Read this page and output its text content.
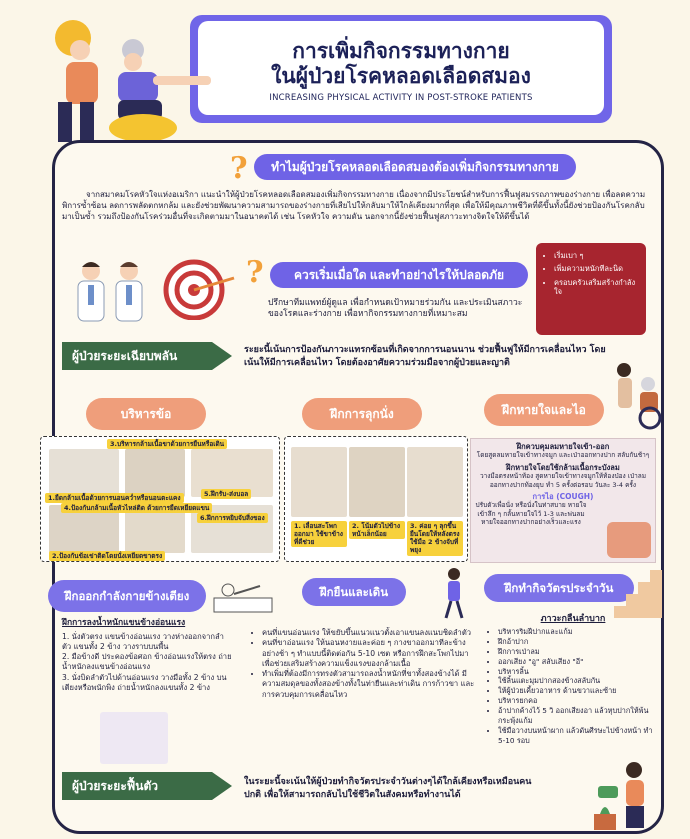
การเพิ่มกิจกรรมทางกาย
ในผู้ป่วยโรคหลอดเลือดสมอง
INCREASING PHYSICAL ACTIVITY IN POST-STROKE PATIENTS
?	ทำไมผู้ป่วยโรคหลอดเลือดสมองต้องเพิ่มกิจกรรมทางกาย
จากสมาคมโรคหัวใจแห่งอเมริกา แนะนำให้ผู้ป่วยโรคหลอดเลือดสมองเพิ่มกิจกรรมทางกาย เนื่องจากมีประโยชน์สำหรับการฟื้นฟูสมรรถภาพของร่างกาย เพื่อลดความพิการซ้ำซ้อน ลดการพลัดตกหกล้ม และยังช่วยพัฒนาความสามารถของร่างกายที่เสียไปให้กลับมาให้ใกล้เคียงมากที่สุด เพื่อให้มีคุณภาพชีวิตที่ดีขึ้นทั้งนี้ยังช่วยป้องกันโรคกลับมาเป็นซ้ำ รวมถึงป้องกันโรคร่วมอื่นที่จะเกิดตามมาในอนาคตได้ เช่น โรคหัวใจ ความดัน นอกจากนี้ยังช่วยฟื้นฟูสภาวะทางจิตใจให้ดีขึ้นได้
?	ควรเริ่มเมื่อใด และทำอย่างไรให้ปลอดภัย
ปรึกษาทีมแพทย์ผู้ดูแล เพื่อกำหนดเป้าหมายร่วมกัน และประเมินสภาวะของโรคและร่างกาย เพื่อหากิจกรรมทางกายที่เหมาะสม
• เริ่มเบา ๆ
• เพิ่มความหนักทีละนิด
• ครอบครัวเสริมสร้างกำลังใจ
ผู้ป่วยระยะเฉียบพลัน	ระยะนี้เน้นการป้องกันภาวะแทรกซ้อนที่เกิดจากการนอนนาน ช่วยฟื้นฟูให้มีการเคลื่อนไหว โดยเน้นให้มีการเคลื่อนไหว โดยต้องอาศัยความร่วมมือจากผู้ป่วยและญาติ
บริหารข้อ	ฝึกการลุกนั่ง	ฝึกหายใจและไอ
3.บริหารกล้ามเนื้อขาด้วยการยืนหรือเดิน
1.ยืดกล้ามเนื้อด้วยการนอนคว่ำหรือนอนตะแคง	5.ฝึกรับ-ส่งบอล
4.ป้องกันกล้ามเนื้อหัวไหล่ติด ด้วยการยืดเหยียดแขน
6.ฝึกการหยิบจับสิ่งของ
2.ป้องกันข้อเข่าติดโดยนั่งเหยียดขาตรง
1. เลื่อนสะโพกออกมา ใช้ขาข้างที่ดีช่วย
2. โน้มตัวไปข้างหน้าเล็กน้อย
3. ค่อย ๆ ลุกขึ้นยืนโดยให้หลังตรง ใช้มือ 2 ข้างจับที่พยุง
ฝึกควบคุมลมหายใจเข้า-ออก
โดยสูดลมหายใจเข้าทางจมูก และเป่าออกทางปาก สลับกันช้าๆ
ฝึกหายใจโดยใช้กล้ามเนื้อกระบังลม
วางมือตรงหน้าท้อง สูดหายใจเข้าทางจมูกให้ท้องป่อง เป่าลมออกทางปากท้องยุบ ทำ 5 ครั้งต่อรอบ วันละ 3-4 ครั้ง
การไอ (COUGH)
ปรับตัวเพื่อนั่ง หรือนั่งในท่าสบาย หายใจเข้าลึก ๆ กลั้นหายใจไว้ 1-3 และพ่นลมหายใจออกทางปากอย่างเร็วและแรง
ฝึกออกกำลังกายข้างเตียง	ฝึกยืนและเดิน	ฝึกทำกิจวัตรประจำวัน
ฝึกการลงน้ำหนักแขนข้างอ่อนแรง
1. นั่งตัวตรง แขนข้างอ่อนแรง วางห่างออกจากลำตัว แขนทั้ง 2 ข้าง วางราบบนพื้น
2. มือข้างดี ประคองข้อศอก ข้างอ่อนแรงให้ตรง ถ่ายน้ำหนักลงแขนข้างอ่อนแรง
3. นั่งบิดลำตัวไปด้านอ่อนแรง วางมือทั้ง 2 ข้าง บนเตียงหรือพนักพิง ถ่ายน้ำหนักลงแขนทั้ง 2 ข้าง
• คนที่แขนอ่อนแรง ให้ขยับขึ้นแนวแนวตั้งเอาแขนลงแนบชิดลำตัว
• คนที่ขาอ่อนแรง ให้นอนหงายและค่อย ๆ กางขาออกมาทีละข้าง อย่างช้า ๆ ทำแบบนี้ติดต่อกัน 5-10 เซต หรือการฝึกสะโพกไปมา เพื่อช่วยเสริมสร้างความแข็งแรงของกล้ามเนื้อ
• ทำเพิ่มที่ต้องมีการทรงตัวสามารถลงน้ำหนักที่ขาทั้งสองข้างได้ มีความสมดุลของทั้งสองข้างทั้งในท่ายืนและท่าเดิน การก้าวขา และการควบคุมการเคลื่อนไหว
ภาวะกลืนลำบาก
• บริหารริมฝีปากและแก้ม
• ฝึกอ้าปาก
• ฝึกการเป่าลม
• ออกเสียง "อู" สลับเสียง "อี"
• บริหารลิ้น
• ใช้ลิ้นแตะมุมปากสองข้างสลับกัน
• ให้ผู้ป่วยเคี้ยวอาหาร ด้านขวาและซ้าย
• บริหารยกคอ
• อ้าปากค้างไว้ 5 วิ ออกเสียงอา แล้วหุบปากให้พ้นกระพุ้งแก้ม
• ใช้มือวางบนหน้าผาก แล้วดันศีรษะไปข้างหน้า ทำ 5-10 รอบ
ผู้ป่วยระยะฟื้นตัว	ในระยะนี้จะเน้นให้ผู้ป่วยทำกิจวัตรประจำวันต่างๆได้ใกล้เคียงหรือเหมือนคนปกติ เพื่อให้สามารถกลับไปใช้ชีวิตในสังคมหรือทำงานได้
